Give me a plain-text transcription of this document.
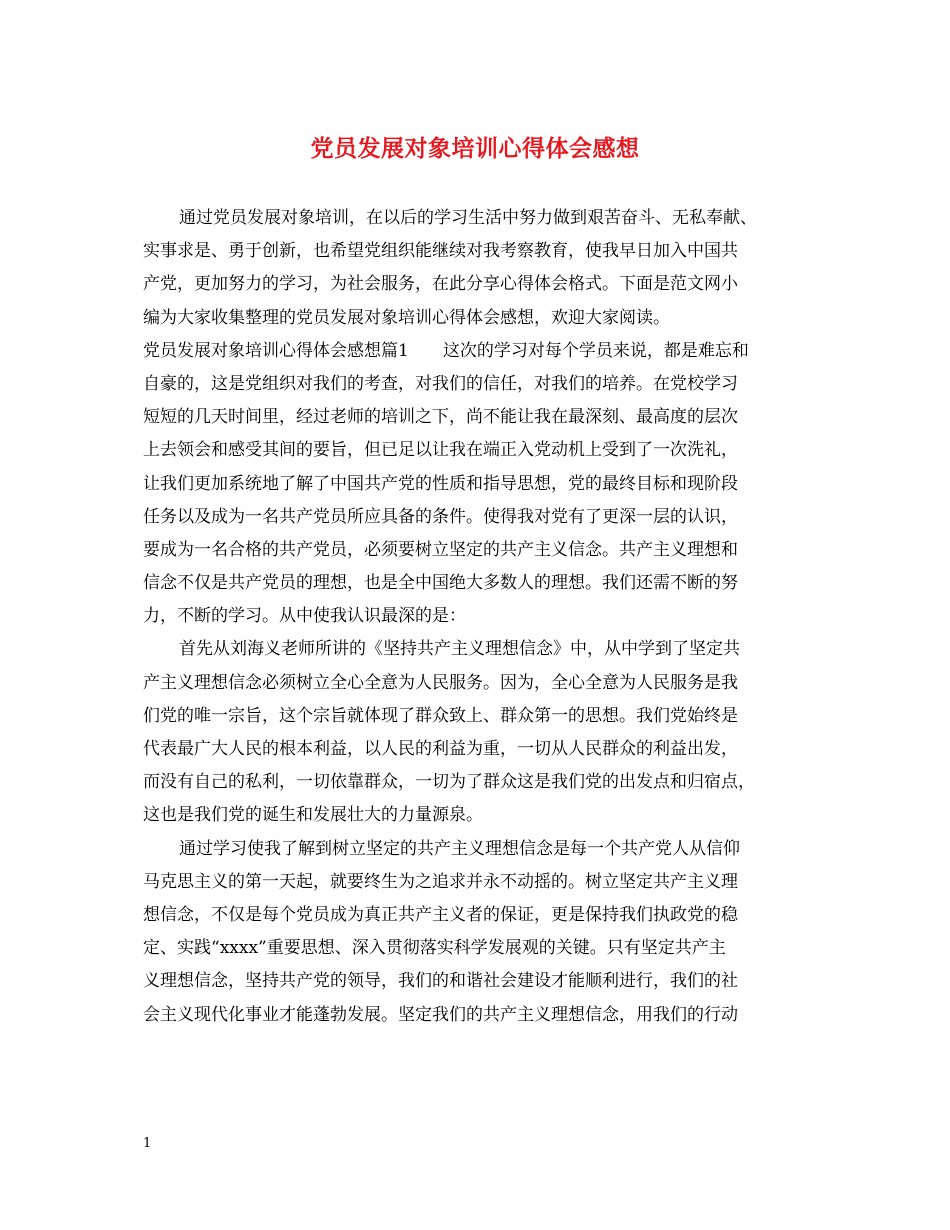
党员发展对象培训心得体会感想
通过党员发展对象培训，在以后的学习生活中努力做到艰苦奋斗、无私奉献、
实事求是、勇于创新，也希望党组织能继续对我考察教育，使我早日加入中国共
产党，更加努力的学习，为社会服务，在此分享心得体会格式。下面是范文网小
编为大家收集整理的党员发展对象培训心得体会感想，欢迎大家阅读。
党员发展对象培训心得体会感想篇1 这次的学习对每个学员来说，都是难忘和
自豪的，这是党组织对我们的考查，对我们的信任，对我们的培养。在党校学习
短短的几天时间里，经过老师的培训之下，尚不能让我在最深刻、最高度的层次
上去领会和感受其间的要旨，但已足以让我在端正入党动机上受到了一次洗礼，
让我们更加系统地了解了中国共产党的性质和指导思想，党的最终目标和现阶段
任务以及成为一名共产党员所应具备的条件。使得我对党有了更深一层的认识，
要成为一名合格的共产党员，必须要树立坚定的共产主义信念。共产主义理想和
信念不仅是共产党员的理想，也是全中国绝大多数人的理想。我们还需不断的努
力，不断的学习。从中使我认识最深的是：
首先从刘海义老师所讲的《坚持共产主义理想信念》中，从中学到了坚定共
产主义理想信念必须树立全心全意为人民服务。因为，全心全意为人民服务是我
们党的唯一宗旨，这个宗旨就体现了群众致上、群众第一的思想。我们党始终是
代表最广大人民的根本利益，以人民的利益为重，一切从人民群众的利益出发，
而没有自己的私利，一切依靠群众，一切为了群众这是我们党的出发点和归宿点，
这也是我们党的诞生和发展壮大的力量源泉。
通过学习使我了解到树立坚定的共产主义理想信念是每一个共产党人从信仰
马克思主义的第一天起，就要终生为之追求并永不动摇的。树立坚定共产主义理
想信念，不仅是每个党员成为真正共产主义者的保证，更是保持我们执政党的稳
定、实践“xxxx”重要思想、深入贯彻落实科学发展观的关键。只有坚定共产主
义理想信念，坚持共产党的领导，我们的和谐社会建设才能顺利进行，我们的社
会主义现代化事业才能蓬勃发展。坚定我们的共产主义理想信念，用我们的行动

1
